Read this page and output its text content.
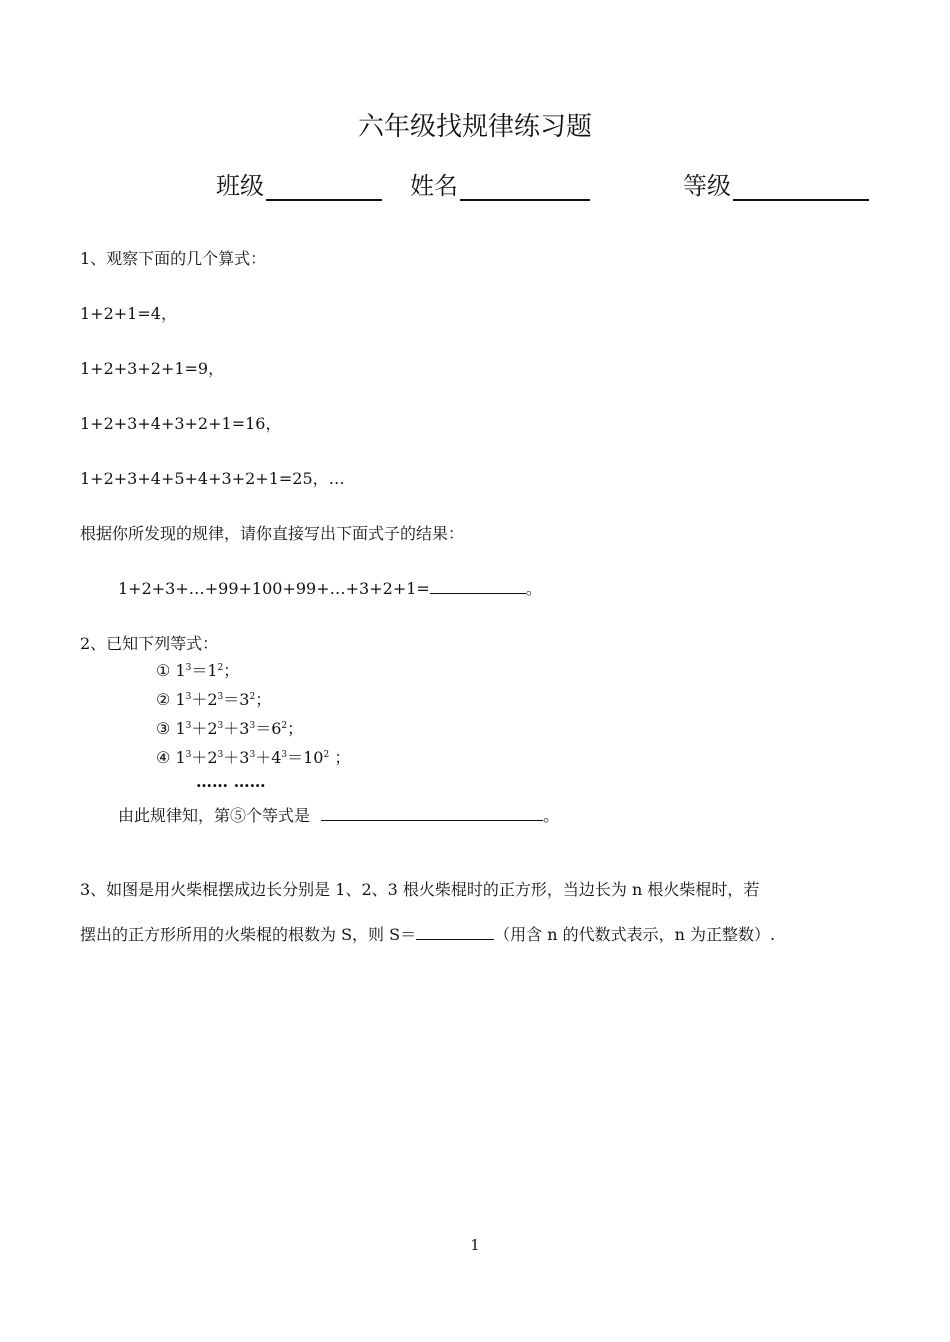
六年级找规律练习题
班级	姓名	等级
1、观察下面的几个算式：
1+2+1=4，
1+2+3+2+1=9，
1+2+3+4+3+2+1=16，
1+2+3+4+5+4+3+2+1=25，…
根据你所发现的规律，请你直接写出下面式子的结果：
1+2+3+…+99+100+99+…+3+2+1=	。
2、已知下列等式：
① $1^3=1^2$；
② $1^3+2^3=3^2$；
③ $1^3+2^3+3^3=6^2$；
④ $1^3+2^3+3^3+4^3=10^2$ ；
…… ……
由此规律知，第⑤个等式是	。
3、如图是用火柴棍摆成边长分别是 1、2、3 根火柴棍时的正方形，当边长为 n 根火柴棍时，若
摆出的正方形所用的火柴棍的根数为 S，则 S＝	（用含 n 的代数式表示，n 为正整数）.
1
